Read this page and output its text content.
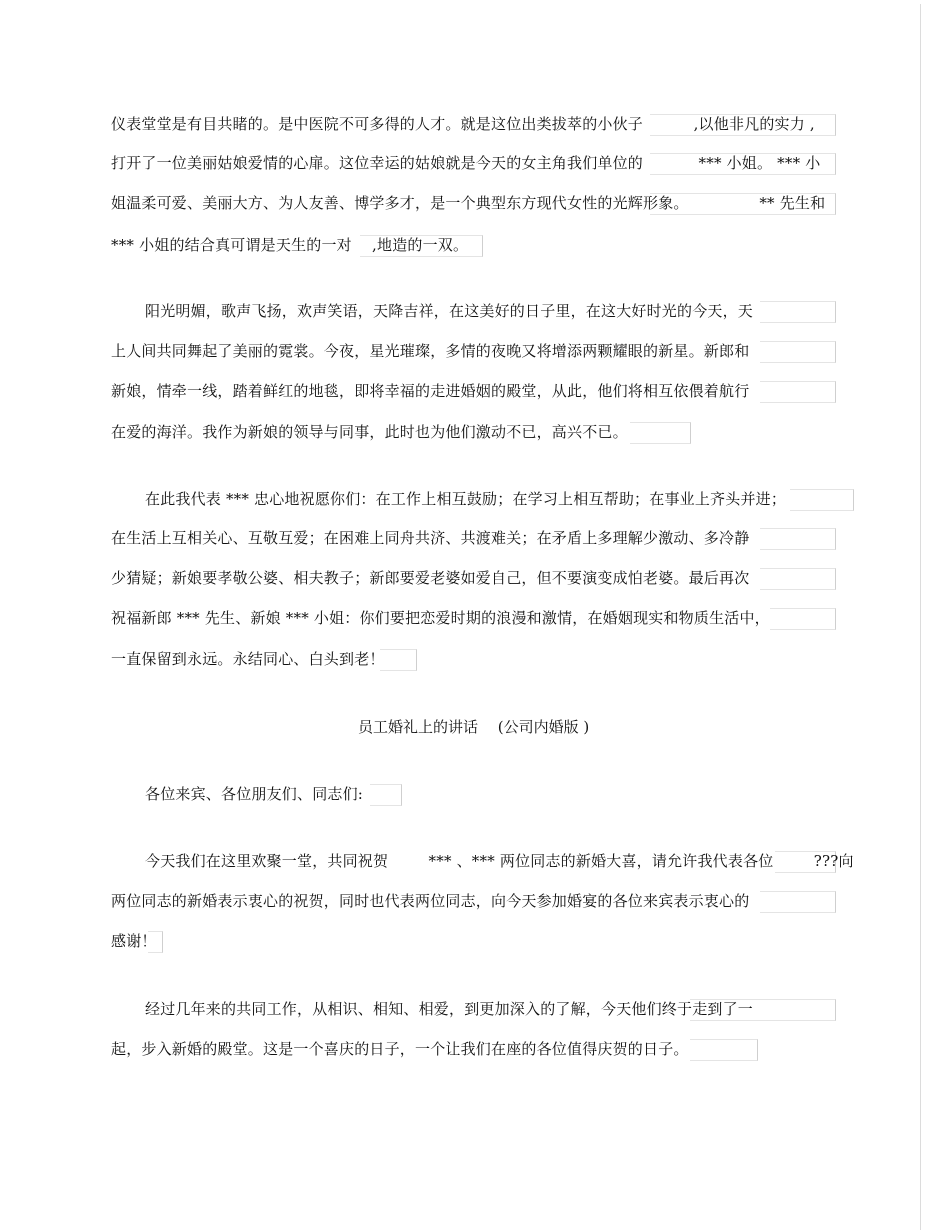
仪表堂堂是有目共睹的。是中医院不可多得的人才。就是这位出类拔萃的小伙子 　　　,以他非凡的实力 ,
打开了一位美丽姑娘爱情的心扉。这位幸运的姑娘就是今天的女主角我们单位的 　　　 *** 小姐。 *** 小
姐温柔可爱、美丽大方、为人友善、博学多才，是一个典型东方现代女性的光辉形象。 　　　　 ** 先生和
*** 小姐的结合真可谓是天生的一对 　,地造的一双。
阳光明媚，歌声飞扬，欢声笑语，天降吉祥，在这美好的日子里，在这大好时光的今天，天
上人间共同舞起了美丽的霓裳。今夜，星光璀璨，多情的夜晚又将增添两颗耀眼的新星。新郎和
新娘，情牵一线，踏着鲜红的地毯，即将幸福的走进婚姻的殿堂，从此，他们将相互依偎着航行
在爱的海洋。我作为新娘的领导与同事，此时也为他们激动不已，高兴不已。
在此我代表 *** 忠心地祝愿你们：在工作上相互鼓励；在学习上相互帮助；在事业上齐头并进；
在生活上互相关心、互敬互爱；在困难上同舟共济、共渡难关；在矛盾上多理解少激动、多冷静
少猜疑；新娘要孝敬公婆、相夫教子；新郎要爱老婆如爱自己，但不要演变成怕老婆。最后再次
祝福新郎 *** 先生、新娘 *** 小姐：你们要把恋爱时期的浪漫和激情，在婚姻现实和物质生活中，
一直保留到永远。永结同心、白头到老！
员工婚礼上的讲话 　(公司内婚版 )
各位来宾、各位朋友们、同志们:
今天我们在这里欢聚一堂，共同祝贺 　　 *** 、*** 两位同志的新婚大喜，请允许我代表各位 　　 ???向
两位同志的新婚表示衷心的祝贺，同时也代表两位同志，向今天参加婚宴的各位来宾表示衷心的
感谢！
经过几年来的共同工作，从相识、相知、相爱，到更加深入的了解，今天他们终于走到了一
起，步入新婚的殿堂。这是一个喜庆的日子，一个让我们在座的各位值得庆贺的日子。
